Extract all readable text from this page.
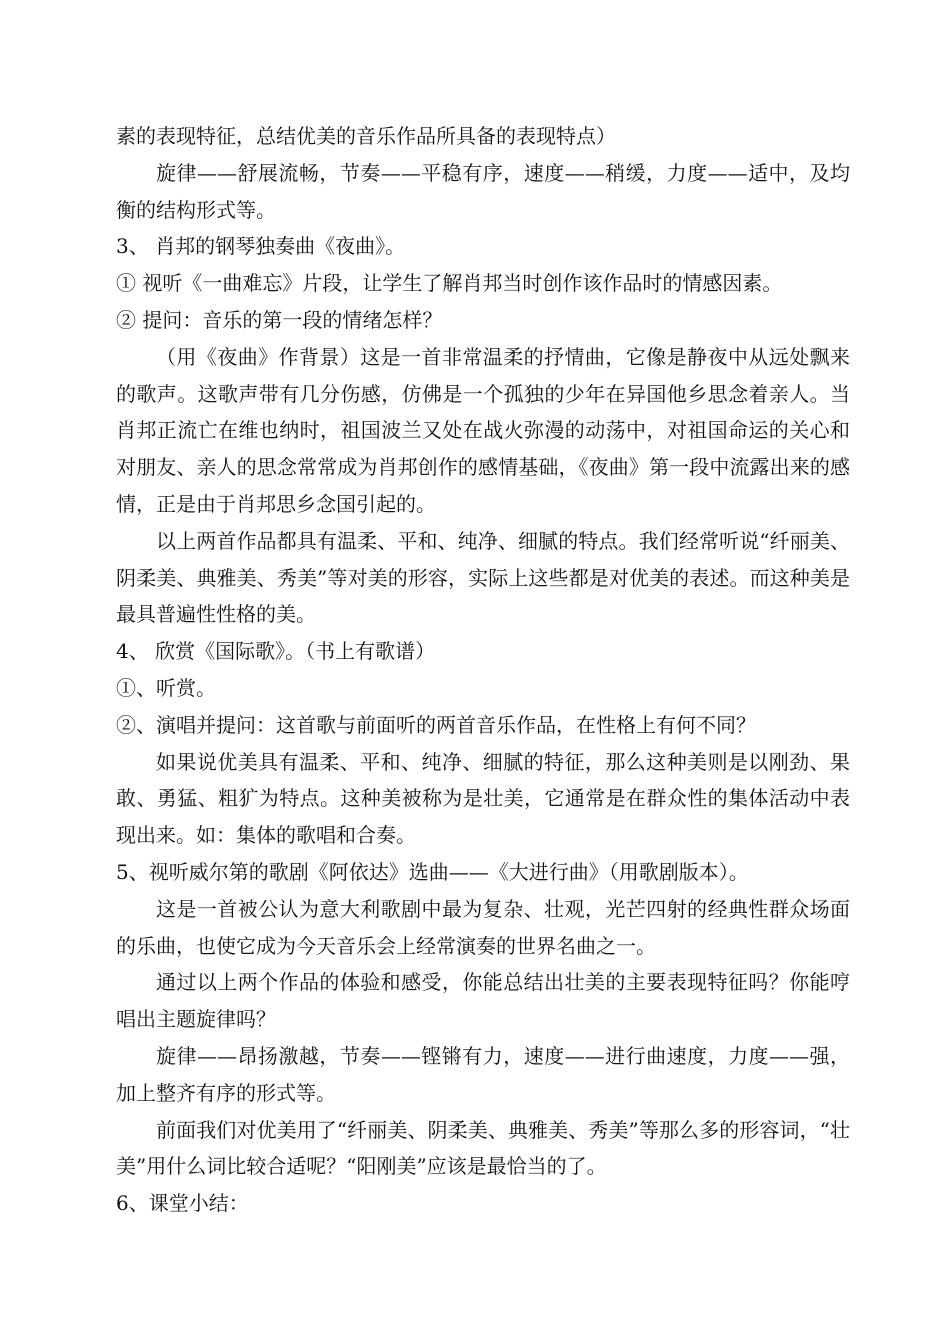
素的表现特征，总结优美的音乐作品所具备的表现特点）

旋律——舒展流畅，节奏——平稳有序，速度——稍缓，力度——适中，及均衡的结构形式等。

3、 肖邦的钢琴独奏曲《夜曲》。

① 视听《一曲难忘》片段，让学生了解肖邦当时创作该作品时的情感因素。

② 提问：音乐的第一段的情绪怎样？

（用《夜曲》作背景）这是一首非常温柔的抒情曲，它像是静夜中从远处飘来的歌声。这歌声带有几分伤感，仿佛是一个孤独的少年在异国他乡思念着亲人。当肖邦正流亡在维也纳时，祖国波兰又处在战火弥漫的动荡中，对祖国命运的关心和对朋友、亲人的思念常常成为肖邦创作的感情基础，《夜曲》第一段中流露出来的感情，正是由于肖邦思乡念国引起的。

以上两首作品都具有温柔、平和、纯净、细腻的特点。我们经常听说“纤丽美、阴柔美、典雅美、秀美”等对美的形容，实际上这些都是对优美的表述。而这种美是最具普遍性性格的美。

4、 欣赏《国际歌》。（书上有歌谱）

①、听赏。

②、演唱并提问：这首歌与前面听的两首音乐作品，在性格上有何不同？

如果说优美具有温柔、平和、纯净、细腻的特征，那么这种美则是以刚劲、果敢、勇猛、粗犷为特点。这种美被称为是壮美，它通常是在群众性的集体活动中表现出来。如：集体的歌唱和合奏。

5、视听威尔第的歌剧《阿依达》选曲——《大进行曲》（用歌剧版本）。

这是一首被公认为意大利歌剧中最为复杂、壮观，光芒四射的经典性群众场面的乐曲，也使它成为今天音乐会上经常演奏的世界名曲之一。

通过以上两个作品的体验和感受，你能总结出壮美的主要表现特征吗？你能哼唱出主题旋律吗？

旋律——昂扬激越，节奏——铿锵有力，速度——进行曲速度，力度——强，加上整齐有序的形式等。

前面我们对优美用了“纤丽美、阴柔美、典雅美、秀美”等那么多的形容词，“壮美”用什么词比较合适呢？“阳刚美”应该是最恰当的了。

6、课堂小结：
